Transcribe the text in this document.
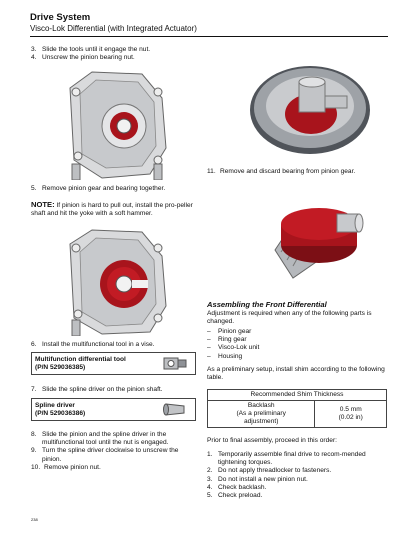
Drive System
Visco-Lok Differential (with Integrated Actuator)
3. Slide the tools until it engage the nut.
4. Unscrew the pinion bearing nut.
11. Remove and discard bearing from pinion gear.
5. Remove pinion gear and bearing together.
NOTE: If pinion is hard to pull out, install the pro-peller shaft and hit the yoke with a soft hammer.
Assembling the Front Differential
Adjustment is required when any of the following parts is changed.
–	Pinion gear
–	Ring gear
–	Visco-Lok unit
–	Housing
As a preliminary setup, install shim according to the following table.
6. Install the multifunctional tool in a vise.
Multifunction differential tool
(P/N 529036385)
7. Slide the spline driver on the pinion shaft.
Spline driver
(P/N 529036386)
Recommended Shim Thickness

Backlash
(As a preliminary
adjustment)

0.5 mm
(0.02 in)
8. Slide the pinion and the spline driver in the multifunctional tool until the nut is engaged.
9. Turn the spline driver clockwise to unscrew the pinion.
10. Remove pinion nut.
Prior to final assembly, proceed in this order:
1. Temporarily assemble final drive to recom-mended tightening torques.
2. Do not apply threadlocker to fasteners.
3. Do not install a new pinion nut.
4. Check backlash.
5. Check preload.
238
